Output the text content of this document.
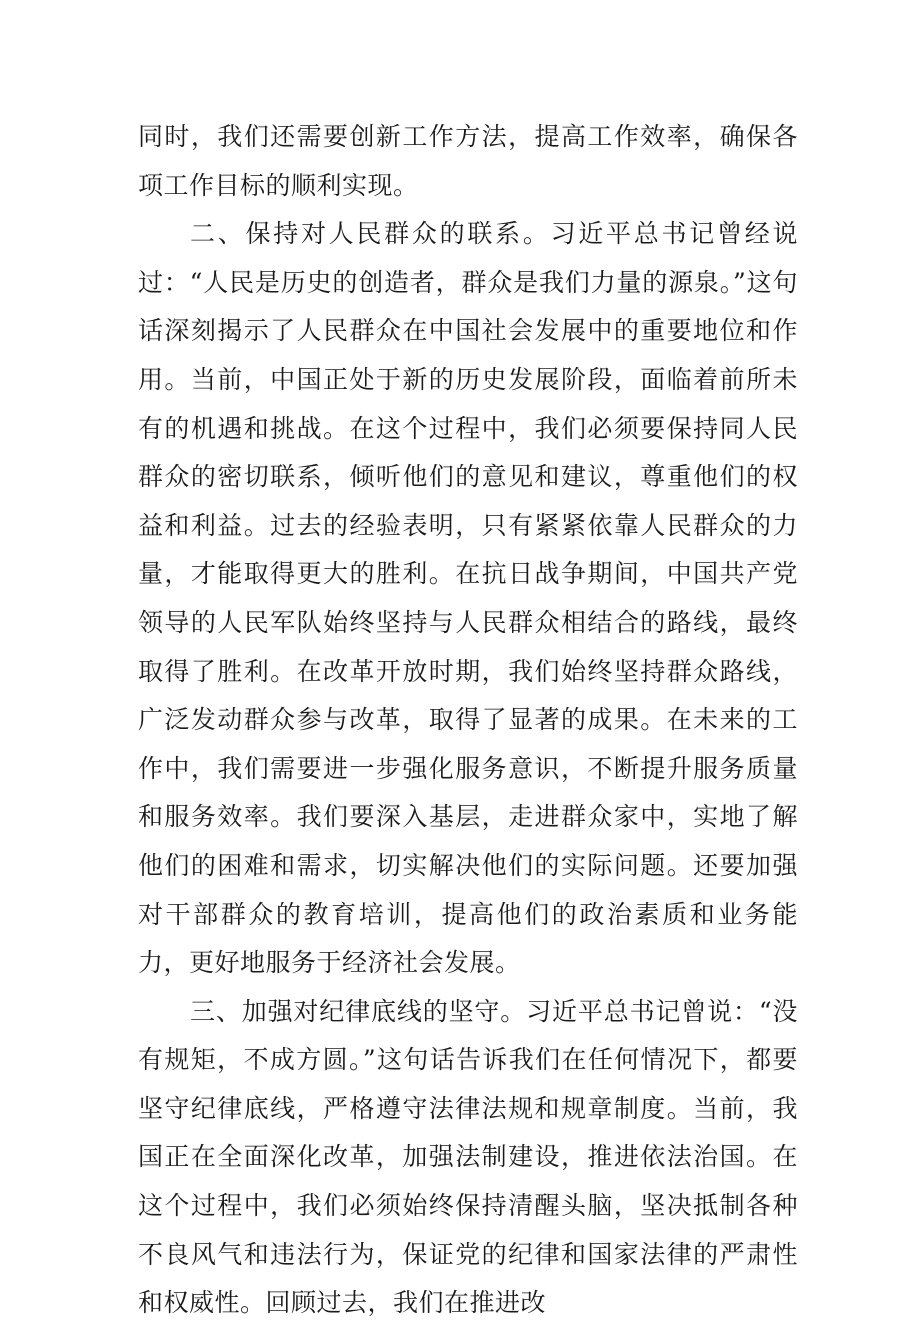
同时，我们还需要创新工作方法，提高工作效率，确保各项工作目标的顺利实现。

二、保持对人民群众的联系。习近平总书记曾经说过：“人民是历史的创造者，群众是我们力量的源泉。”这句话深刻揭示了人民群众在中国社会发展中的重要地位和作用。当前，中国正处于新的历史发展阶段，面临着前所未有的机遇和挑战。在这个过程中，我们必须要保持同人民群众的密切联系，倾听他们的意见和建议，尊重他们的权益和利益。过去的经验表明，只有紧紧依靠人民群众的力量，才能取得更大的胜利。在抗日战争期间，中国共产党领导的人民军队始终坚持与人民群众相结合的路线，最终取得了胜利。在改革开放时期，我们始终坚持群众路线，广泛发动群众参与改革，取得了显著的成果。在未来的工作中，我们需要进一步强化服务意识，不断提升服务质量和服务效率。我们要深入基层，走进群众家中，实地了解他们的困难和需求，切实解决他们的实际问题。还要加强对干部群众的教育培训，提高他们的政治素质和业务能力，更好地服务于经济社会发展。

三、加强对纪律底线的坚守。习近平总书记曾说：“没有规矩，不成方圆。”这句话告诉我们在任何情况下，都要坚守纪律底线，严格遵守法律法规和规章制度。当前，我国正在全面深化改革，加强法制建设，推进依法治国。在这个过程中，我们必须始终保持清醒头脑，坚决抵制各种不良风气和违法行为，保证党的纪律和国家法律的严肃性和权威性。回顾过去，我们在推进改
